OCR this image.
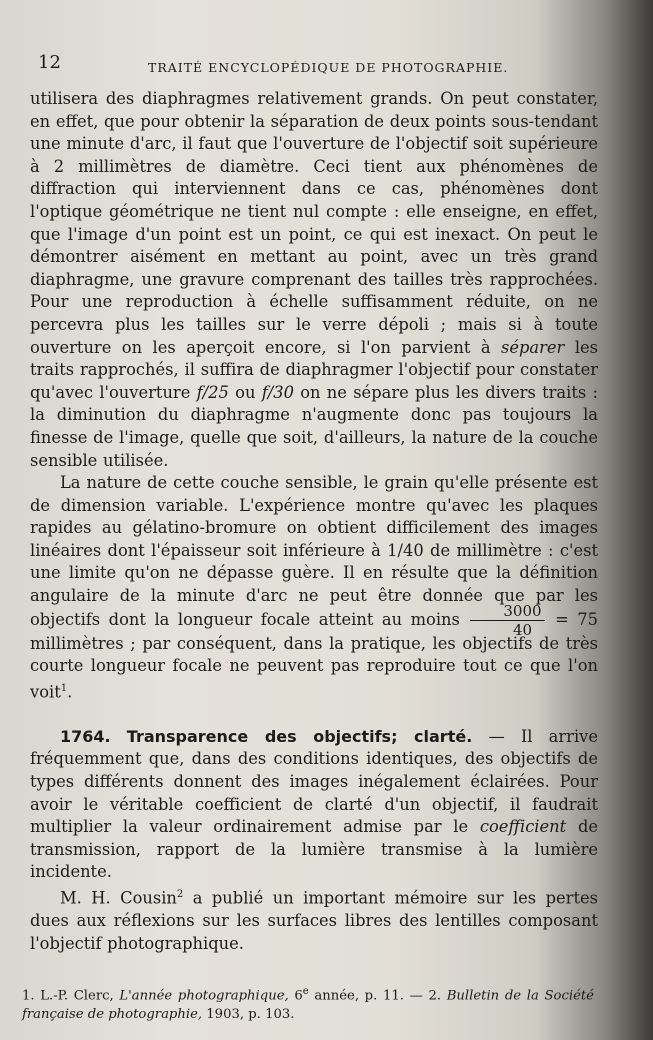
12	TRAITÉ ENCYCLOPÉDIQUE DE PHOTOGRAPHIE.

utilisera des diaphragmes relativement grands. On peut constater, en effet, que pour obtenir la séparation de deux points sous-tendant une minute d'arc, il faut que l'ouverture de l'objectif soit supérieure à 2 millimètres de diamètre. Ceci tient aux phénomènes de diffraction qui interviennent dans ce cas, phénomènes dont l'optique géométrique ne tient nul compte : elle enseigne, en effet, que l'image d'un point est un point, ce qui est inexact. On peut le démontrer aisément en mettant au point, avec un très grand diaphragme, une gravure comprenant des tailles très rapprochées. Pour une reproduction à échelle suffisamment réduite, on ne percevra plus les tailles sur le verre dépoli ; mais si à toute ouverture on les aperçoit encore, si l'on parvient à séparer les traits rapprochés, il suffira de diaphragmer l'objectif pour constater qu'avec l'ouverture f/25 ou f/30 on ne sépare plus les divers traits : la diminution du diaphragme n'augmente donc pas toujours la finesse de l'image, quelle que soit, d'ailleurs, la nature de la couche sensible utilisée.

La nature de cette couche sensible, le grain qu'elle présente est de dimension variable. L'expérience montre qu'avec les plaques rapides au gélatino-bromure on obtient difficilement des images linéaires dont l'épaisseur soit inférieure à 1/40 de millimètre : c'est une limite qu'on ne dépasse guère. Il en résulte que la définition angulaire de la minute d'arc ne peut être donnée que par les objectifs dont la longueur focale atteint au moins $\frac{3000}{40} = 75$ millimètres ; par conséquent, dans la pratique, les objectifs de très courte longueur focale ne peuvent pas reproduire tout ce que l'on voit$^1$.

1764. Transparence des objectifs; clarté. — Il arrive fréquemment que, dans des conditions identiques, des objectifs de types différents donnent des images inégalement éclairées. Pour avoir le véritable coefficient de clarté d'un objectif, il faudrait multiplier la valeur ordinairement admise par le coefficient de transmission, rapport de la lumière transmise à la lumière incidente.

M. H. Cousin$^2$ a publié un important mémoire sur les pertes dues aux réflexions sur les surfaces libres des lentilles composant l'objectif photographique.

1. L.-P. Clerc, L'année photographique, 6e année, p. 11. — 2. Bulletin de la Société française de photographie, 1903, p. 103.
